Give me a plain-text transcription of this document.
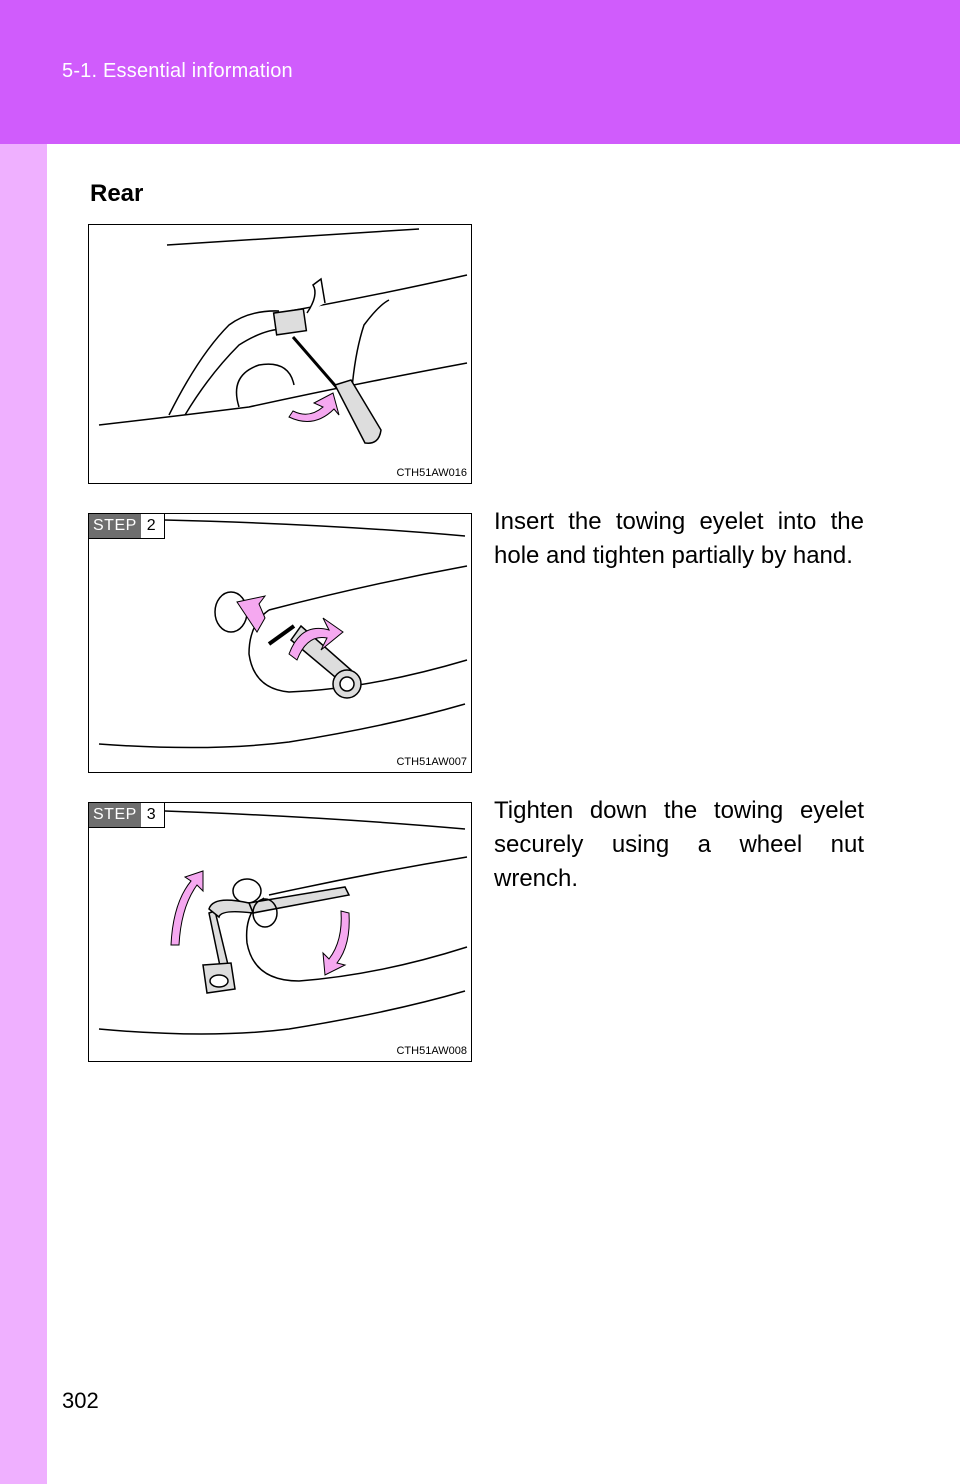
5-1. Essential information
Rear
CTH51AW016
STEP 2
CTH51AW007
Insert the towing eyelet into the hole and tighten partially by hand.
STEP 3
CTH51AW008
Tighten down the towing eyelet securely using a wheel nut wrench.
302
